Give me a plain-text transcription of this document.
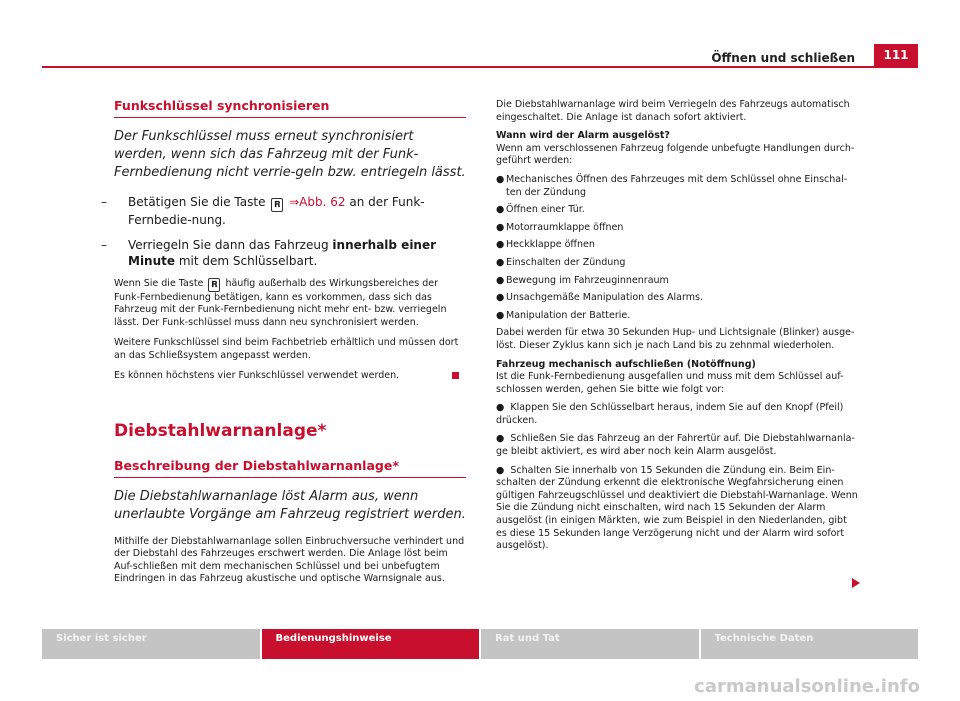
Öffnen und schließen	111
Funkschlüssel synchronisieren

Der Funkschlüssel muss erneut synchronisiert werden, wenn sich das Fahrzeug mit der Funk-Fernbedienung nicht verrie-geln bzw. entriegeln lässt.

– Betätigen Sie die Taste 𝐑 ⇒Abb. 62 an der Funk-Fernbedie-nung.
– Verriegeln Sie dann das Fahrzeug innerhalb einer Minute mit dem Schlüsselbart.

Wenn Sie die Taste 𝐑 häufig außerhalb des Wirkungsbereiches der Funk-Fernbedienung betätigen, kann es vorkommen, dass sich das Fahrzeug mit der Funk-Fernbedienung nicht mehr ent- bzw. verriegeln lässt. Der Funk-schlüssel muss dann neu synchronisiert werden.

Weitere Funkschlüssel sind beim Fachbetrieb erhältlich und müssen dort an das Schließsystem angepasst werden.

Es können höchstens vier Funkschlüssel verwendet werden.

Diebstahlwarnanlage*
Beschreibung der Diebstahlwarnanlage*

Die Diebstahlwarnanlage löst Alarm aus, wenn unerlaubte Vorgänge am Fahrzeug registriert werden.

Mithilfe der Diebstahlwarnanlage sollen Einbruchversuche verhindert und der Diebstahl des Fahrzeuges erschwert werden. Die Anlage löst beim Auf-schließen mit dem mechanischen Schlüssel und bei unbefugtem Eindringen in das Fahrzeug akustische und optische Warnsignale aus.

Die Diebstahlwarnanlage wird beim Verriegeln des Fahrzeugs automatisch eingeschaltet. Die Anlage ist danach sofort aktiviert.

Wann wird der Alarm ausgelöst?

Wenn am verschlossenen Fahrzeug folgende unbefugte Handlungen durch-geführt werden:

● Mechanisches Öffnen des Fahrzeuges mit dem Schlüssel ohne Einschal-ten der Zündung
● Öffnen einer Tür.
● Motorraumklappe öffnen
● Heckklappe öffnen
● Einschalten der Zündung
● Bewegung im Fahrzeuginnenraum
● Unsachgemäße Manipulation des Alarms.
● Manipulation der Batterie.

Dabei werden für etwa 30 Sekunden Hup- und Lichtsignale (Blinker) ausge-löst. Dieser Zyklus kann sich je nach Land bis zu zehnmal wiederholen.

Fahrzeug mechanisch aufschließen (Notöffnung)

Ist die Funk-Fernbedienung ausgefallen und muss mit dem Schlüssel auf-schlossen werden, gehen Sie bitte wie folgt vor:

●  Klappen Sie den Schlüsselbart heraus, indem Sie auf den Knopf (Pfeil) drücken.

●  Schließen Sie das Fahrzeug an der Fahrertür auf. Die Diebstahlwarnanla-ge bleibt aktiviert, es wird aber noch kein Alarm ausgelöst.

●  Schalten Sie innerhalb von 15 Sekunden die Zündung ein. Beim Ein-schalten der Zündung erkennt die elektronische Wegfahrsicherung einen gültigen Fahrzeugschlüssel und deaktiviert die Diebstahl-Warnanlage. Wenn Sie die Zündung nicht einschalten, wird nach 15 Sekunden der Alarm ausgelöst (in einigen Märkten, wie zum Beispiel in den Niederlanden, gibt es diese 15 Sekunden lange Verzögerung nicht und der Alarm wird sofort ausgelöst).

Sicher ist sicher	Bedienungshinweise	Rat und Tat	Technische Daten
carmanualsonline.info
